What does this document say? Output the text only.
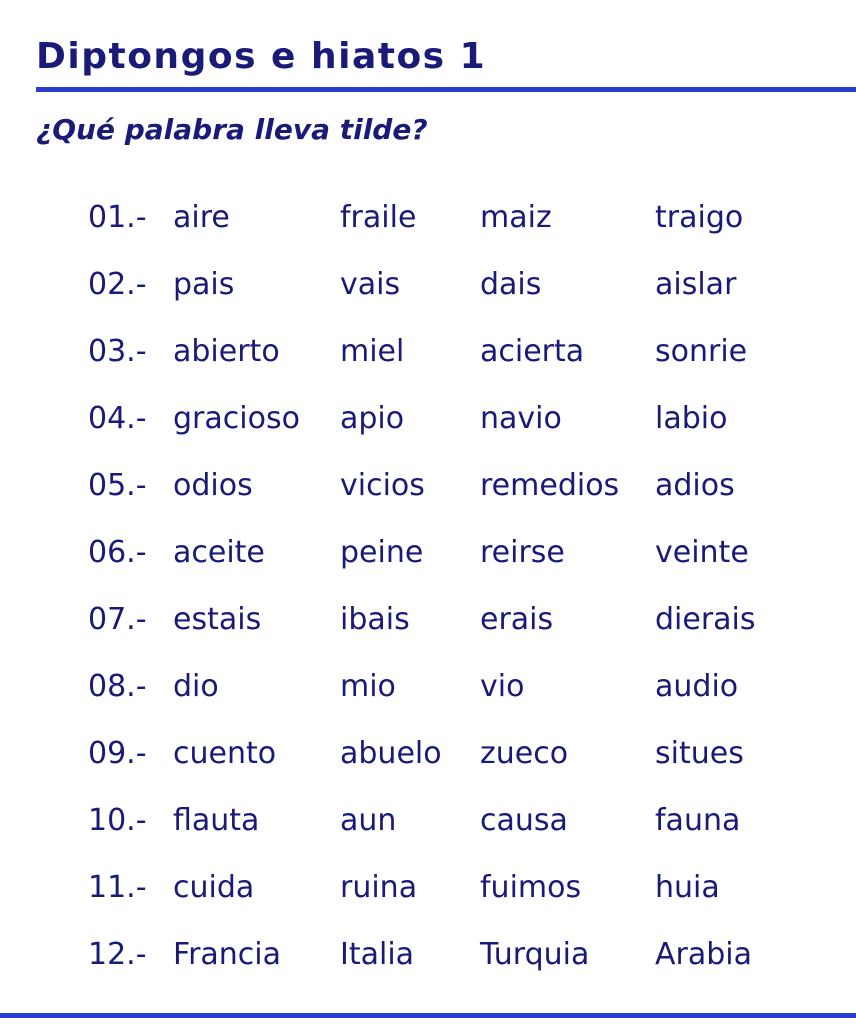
Diptongos e hiatos 1
¿Qué palabra lleva tilde?
01.- aire	fraile	maiz	traigo
02.- pais	vais	dais	aislar
03.- abierto	miel	acierta	sonrie
04.- gracioso	apio	navio	labio
05.- odios	vicios	remedios	adios
06.- aceite	peine	reirse	veinte
07.- estais	ibais	erais	dierais
08.- dio	mio	vio	audio
09.- cuento	abuelo	zueco	situes
10.- flauta	aun	causa	fauna
11.- cuida	ruina	fuimos	huia
12.- Francia	Italia	Turquia	Arabia
